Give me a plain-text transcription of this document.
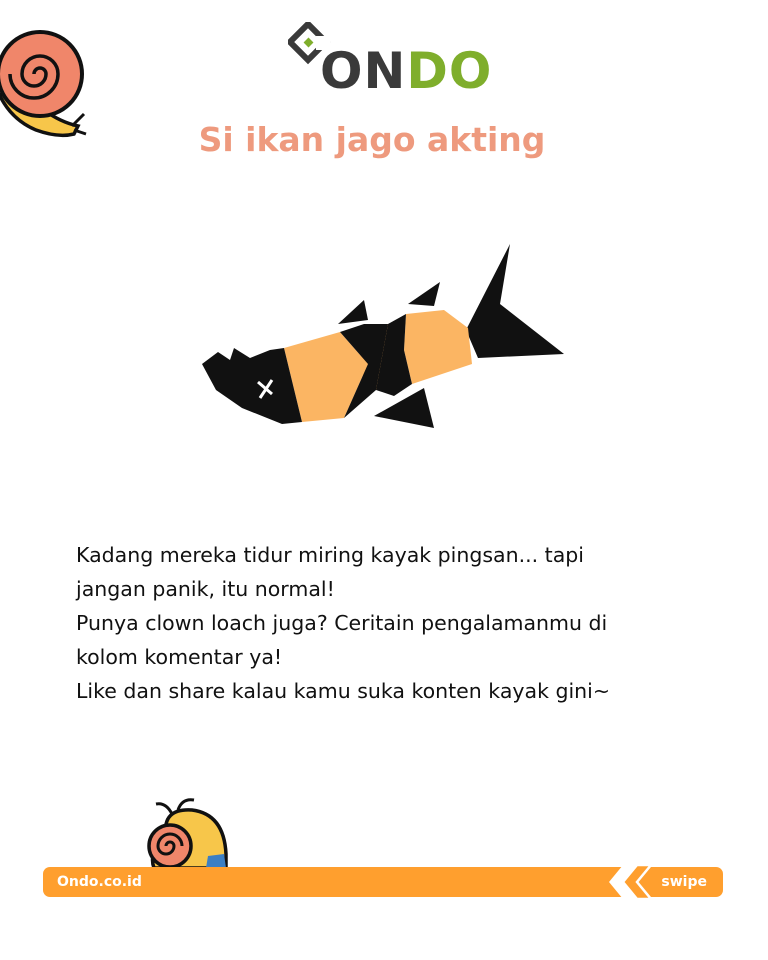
ONDO
Si ikan jago akting

Kadang mereka tidur miring kayak pingsan... tapi
jangan panik, itu normal!
Punya clown loach juga? Ceritain pengalamanmu di
kolom komentar ya!
Like dan share kalau kamu suka konten kayak gini~

Ondo.co.id	swipe
